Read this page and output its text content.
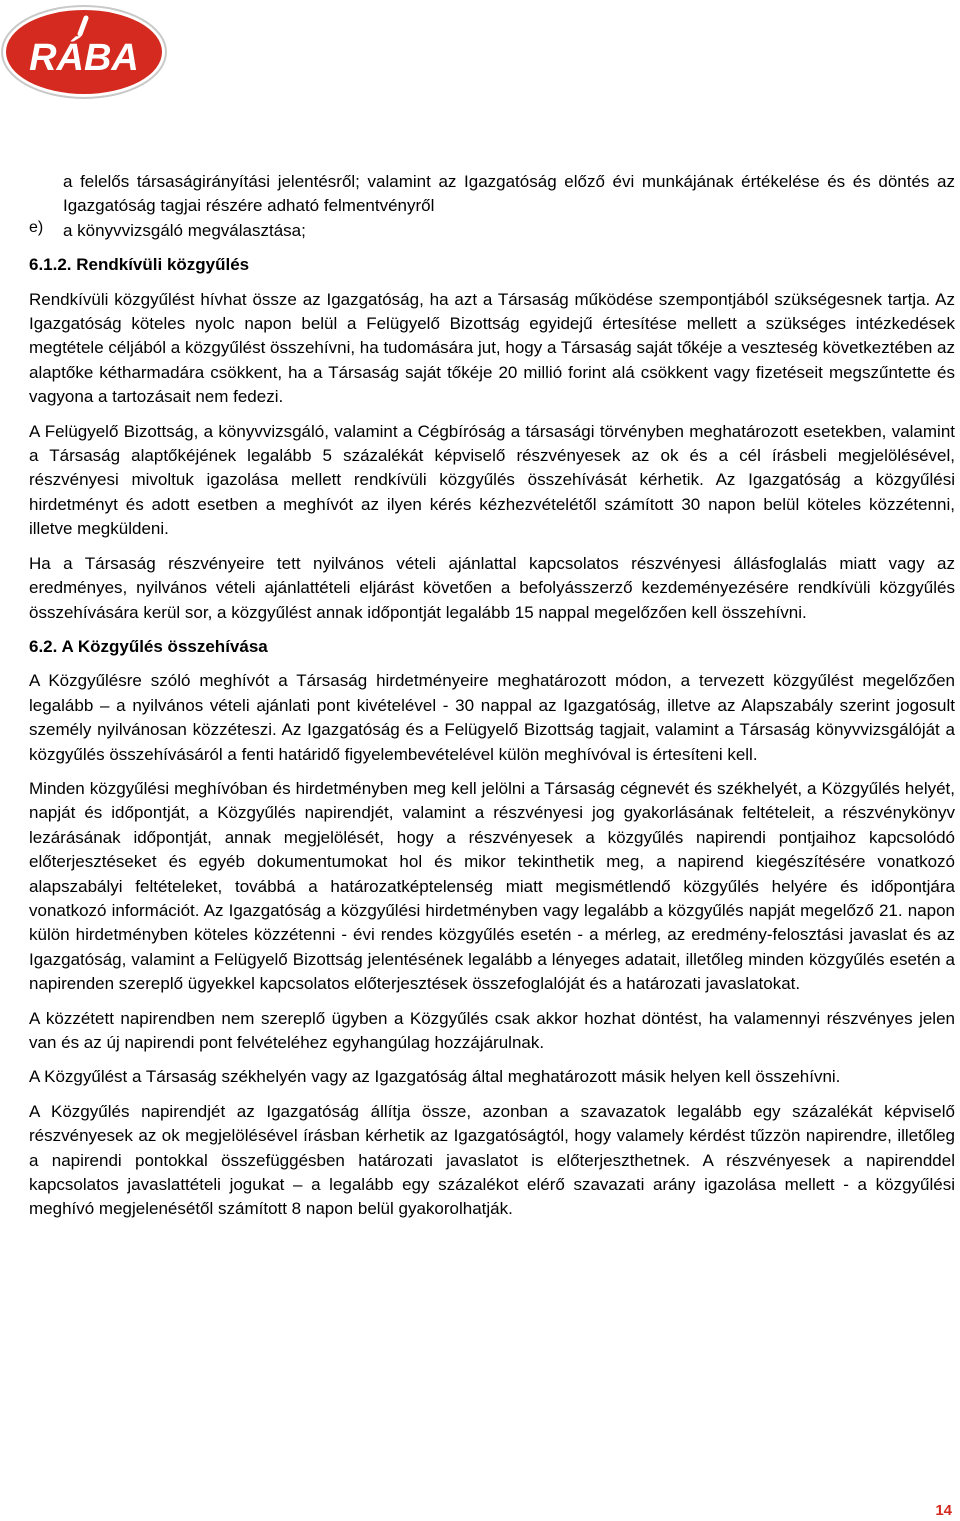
RÁBA

a felelős társaságirányítási jelentésről; valamint az Igazgatóság előző évi munkájának értékelése és és döntés az Igazgatóság tagjai részére adható felmentvényről

e)	a könyvvizsgáló megválasztása;
6.1.2. Rendkívüli közgyűlés

Rendkívüli közgyűlést hívhat össze az Igazgatóság, ha azt a Társaság működése szempontjából szükségesnek tartja. Az Igazgatóság köteles nyolc napon belül a Felügyelő Bizottság egyidejű értesítése mellett a szükséges intézkedések megtétele céljából a közgyűlést összehívni, ha tudomására jut, hogy a Társaság saját tőkéje a veszteség következtében az alaptőke kétharmadára csökkent, ha a Társaság saját tőkéje 20 millió forint alá csökkent vagy fizetéseit megszűntette és vagyona a tartozásait nem fedezi.

A Felügyelő Bizottság, a könyvvizsgáló, valamint a Cégbíróság a társasági törvényben meghatározott esetekben, valamint a Társaság alaptőkéjének legalább 5 százalékát képviselő részvényesek az ok és a cél írásbeli megjelölésével, részvényesi mivoltuk igazolása mellett rendkívüli közgyűlés összehívását kérhetik. Az Igazgatóság a közgyűlési hirdetményt és adott esetben a meghívót az ilyen kérés kézhezvételétől számított 30 napon belül köteles közzétenni, illetve megküldeni.

Ha a Társaság részvényeire tett nyilvános vételi ajánlattal kapcsolatos részvényesi állásfoglalás miatt vagy az eredményes, nyilvános vételi ajánlattételi eljárást követően a befolyásszerző kezdeményezésére rendkívüli közgyűlés összehívására kerül sor, a közgyűlést annak időpontját legalább 15 nappal megelőzően kell összehívni.

6.2. A Közgyűlés összehívása

A Közgyűlésre szóló meghívót a Társaság hirdetményeire meghatározott módon, a tervezett közgyűlést megelőzően legalább – a nyilvános vételi ajánlati pont kivételével - 30 nappal az Igazgatóság, illetve az Alapszabály szerint jogosult személy nyilvánosan közzéteszi. Az Igazgatóság és a Felügyelő Bizottság tagjait, valamint a Társaság könyvvizsgálóját a közgyűlés összehívásáról a fenti határidő figyelembevételével külön meghívóval is értesíteni kell.

Minden közgyűlési meghívóban és hirdetményben meg kell jelölni a Társaság cégnevét és székhelyét, a Közgyűlés helyét, napját és időpontját, a Közgyűlés napirendjét, valamint a részvényesi jog gyakorlásának feltételeit, a részvénykönyv lezárásának időpontját, annak megjelölését, hogy a részvényesek a közgyűlés napirendi pontjaihoz kapcsolódó előterjesztéseket és egyéb dokumentumokat hol és mikor tekinthetik meg, a napirend kiegészítésére vonatkozó alapszabályi feltételeket, továbbá a határozatképtelenség miatt megismétlendő közgyűlés helyére és időpontjára vonatkozó információt. Az Igazgatóság a közgyűlési hirdetményben vagy legalább a közgyűlés napját megelőző 21. napon külön hirdetményben köteles közzétenni - évi rendes közgyűlés esetén - a mérleg, az eredmény-felosztási javaslat és az Igazgatóság, valamint a Felügyelő Bizottság jelentésének legalább a lényeges adatait, illetőleg minden közgyűlés esetén a napirenden szereplő ügyekkel kapcsolatos előterjesztések összefoglalóját és a határozati javaslatokat.

A közzétett napirendben nem szereplő ügyben a Közgyűlés csak akkor hozhat döntést, ha valamennyi részvényes jelen van és az új napirendi pont felvételéhez egyhangúlag hozzájárulnak.

A Közgyűlést a Társaság székhelyén vagy az Igazgatóság által meghatározott másik helyen kell összehívni.

A Közgyűlés napirendjét az Igazgatóság állítja össze, azonban a szavazatok legalább egy százalékát képviselő részvényesek az ok megjelölésével írásban kérhetik az Igazgatóságtól, hogy valamely kérdést tűzzön napirendre, illetőleg a napirendi pontokkal összefüggésben határozati javaslatot is előterjeszthetnek. A részvényesek a napirenddel kapcsolatos javaslattételi jogukat – a legalább egy százalékot elérő szavazati arány igazolása mellett - a közgyűlési meghívó megjelenésétől számított 8 napon belül gyakorolhatják.

14
